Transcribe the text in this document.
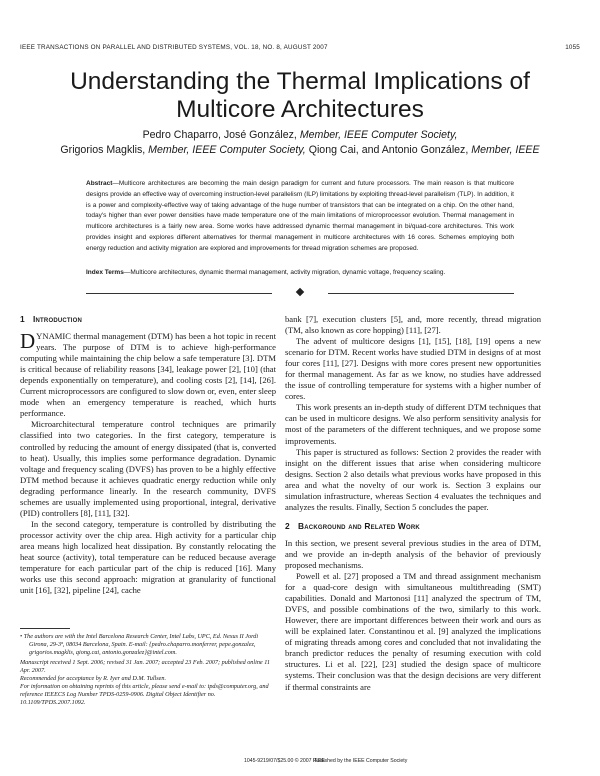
IEEE TRANSACTIONS ON PARALLEL AND DISTRIBUTED SYSTEMS, VOL. 18, NO. 8, AUGUST 2007	1055
Understanding the Thermal Implications of
Multicore Architectures
Pedro Chaparro, José González, Member, IEEE Computer Society,
Grigorios Magklis, Member, IEEE Computer Society, Qiong Cai, and Antonio González, Member, IEEE
Abstract—Multicore architectures are becoming the main design paradigm for current and future processors. The main reason is that multicore designs provide an effective way of overcoming instruction-level parallelism (ILP) limitations by exploiting thread-level parallelism (TLP). In addition, it is a power and complexity-effective way of taking advantage of the huge number of transistors that can be integrated on a chip. On the other hand, today's higher than ever power densities have made temperature one of the main limitations of microprocessor evolution. Thermal management in multicore architectures is a fairly new area. Some works have addressed dynamic thermal management in bi/quad-core architectures. This work provides insight and explores different alternatives for thermal management in multicore architectures with 16 cores. Schemes employing both energy reduction and activity migration are explored and improvements for thread migration schemes are proposed.
Index Terms—Multicore architectures, dynamic thermal management, activity migration, dynamic voltage, frequency scaling.
1 Introduction

DYNAMIC thermal management (DTM) has been a hot topic in recent years. The purpose of DTM is to achieve high-performance computing while maintaining the chip below a safe temperature [3]. DTM is critical because of reliability reasons [34], leakage power [2], [10] (that depends exponentially on temperature), and cooling costs [2], [14], [26]. Current microprocessors are configured to slow down or, even, enter sleep mode when an emergency temperature is reached, which hurts performance.

Microarchitectural temperature control techniques are primarily classified into two categories. In the first category, temperature is controlled by reducing the amount of energy dissipated (that is, converted to heat). Usually, this implies some performance degradation. Dynamic voltage and frequency scaling (DVFS) has proven to be a highly effective DTM method because it achieves quadratic energy reduction while only degrading performance linearly. In the research community, DVFS schemes are usually implemented using proportional, integral, derivative (PID) controllers [8], [11], [32].

In the second category, temperature is controlled by distributing the processor activity over the chip area. High activity for a particular chip area means high localized heat dissipation. By constantly relocating the heat source (activity), total temperature can be reduced because average temperature for each particular part of the chip is reduced [16]. Many works use this second approach: migration at granularity of functional unit [16], [32], pipeline [24], cache

• The authors are with the Intel Barcelona Research Center, Intel Labs, UPC, Ed. Nexus II Jordi Girona, 29-3ª, 08034 Barcelona, Spain. E-mail: {pedro.chaparro.monferrer, pepe.gonzalez, grigorios.magklis, qiong.cai, antonio.gonzalez}@intel.com.

Manuscript received 1 Sept. 2006; revised 31 Jan. 2007; accepted 23 Feb. 2007; published online 11 Apr. 2007.

Recommended for acceptance by R. Iyer and D.M. Tullsen.

For information on obtaining reprints of this article, please send e-mail to: tpds@computer.org, and reference IEEECS Log Number TPDS-0259-0906. Digital Object Identifier no. 10.1109/TPDS.2007.1092.

bank [7], execution clusters [5], and, more recently, thread migration (TM, also known as core hopping) [11], [27].

The advent of multicore designs [1], [15], [18], [19] opens a new scenario for DTM. Recent works have studied DTM in designs of at most four cores [11], [27]. Designs with more cores present new opportunities for thermal management. As far as we know, no studies have addressed the issue of controlling temperature for systems with a higher number of cores.

This work presents an in-depth study of different DTM techniques that can be used in multicore designs. We also perform sensitivity analysis for most of the parameters of the different techniques, and we propose some improvements.

This paper is structured as follows: Section 2 provides the reader with insight on the different issues that arise when considering multicore designs. Section 2 also details what previous works have proposed in this area and what the novelty of our work is. Section 3 explains our simulation infrastructure, whereas Section 4 evaluates the techniques and analyzes the results. Finally, Section 5 concludes the paper.

2 Background and Related Work

In this section, we present several previous studies in the area of DTM, and we provide an in-depth analysis of the behavior of previously proposed mechanisms.

Powell et al. [27] proposed a TM and thread assignment mechanism for a quad-core design with simultaneous multithreading (SMT) capabilities. Donald and Martonosi [11] analyzed the spectrum of TM, DVFS, and possible combinations of the two, similarly to this work. However, there are important differences between their work and ours as will be explained later. Constantinou et al. [9] analyzed the implications of migrating threads among cores and concluded that not invalidating the branch predictor reduces the penalty of resuming execution with cold structures. Li et al. [22], [23] studied the design space of multicore systems. Their conclusion was that the design decisions are very different if thermal constraints are

1045-9219/07/$25.00 © 2007 IEEE
Published by the IEEE Computer Society
